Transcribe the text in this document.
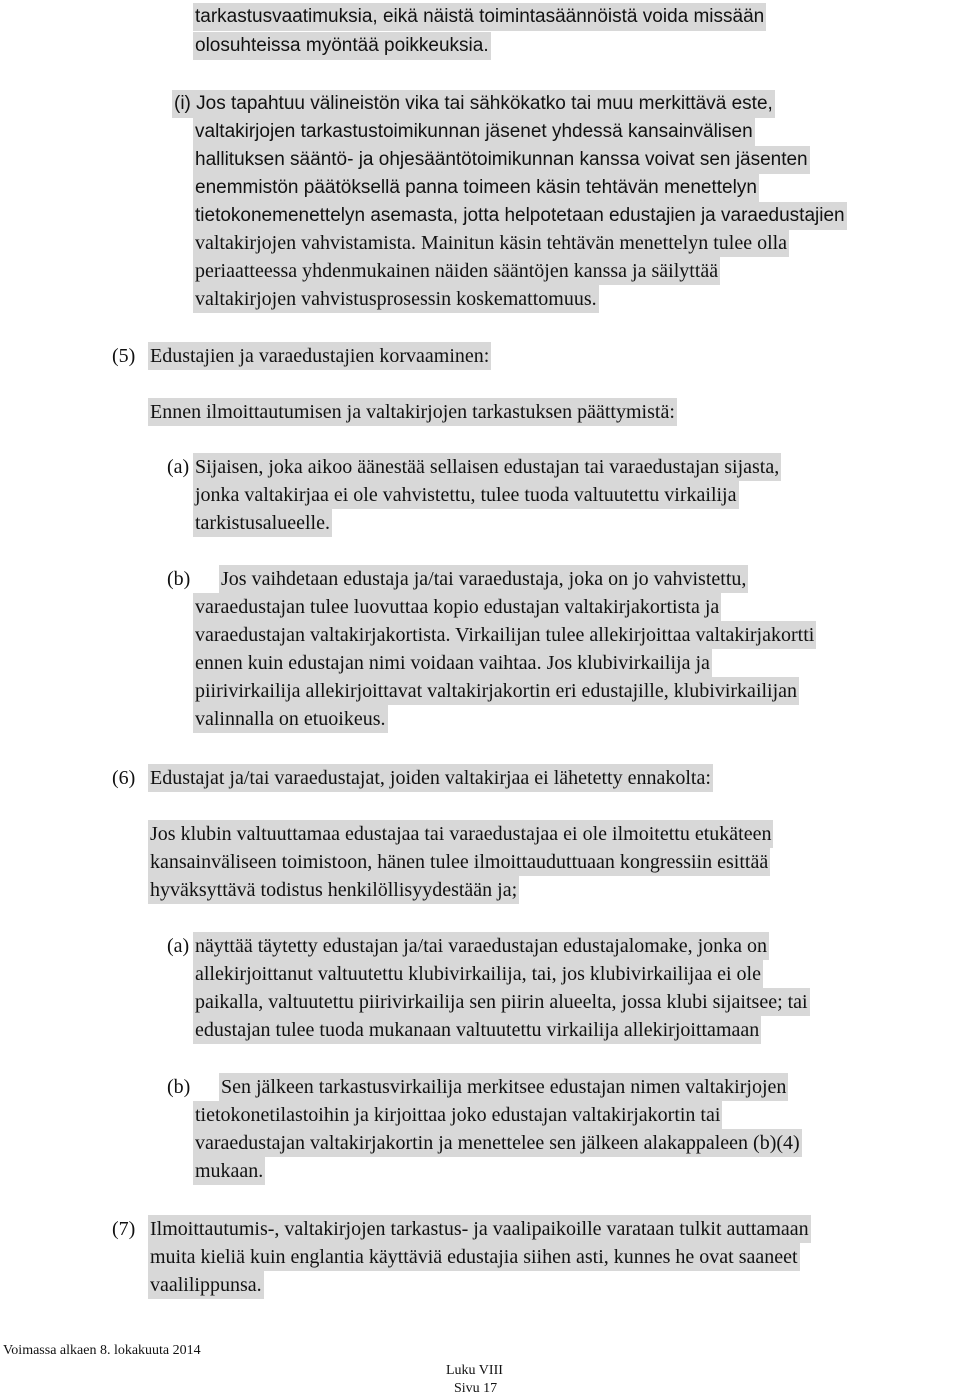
tarkastusvaatimuksia, eikä näistä toimintasäännöistä voida missään
olosuhteissa myöntää poikkeuksia.
(i) Jos tapahtuu välineistön vika tai sähkökatko tai muu merkittävä este,
valtakirjojen tarkastustoimikunnan jäsenet yhdessä kansainvälisen
hallituksen sääntö- ja ohjesääntötoimikunnan kanssa voivat sen jäsenten
enemmistön päätöksellä panna toimeen käsin tehtävän menettelyn
tietokonemenettelyn asemasta, jotta helpotetaan edustajien ja varaedustajien
valtakirjojen vahvistamista. Mainitun käsin tehtävän menettelyn tulee olla
periaatteessa yhdenmukainen näiden sääntöjen kanssa ja säilyttää
valtakirjojen vahvistusprosessin koskemattomuus.
(5) Edustajien ja varaedustajien korvaaminen:
Ennen ilmoittautumisen ja valtakirjojen tarkastuksen päättymistä:
(a) Sijaisen, joka aikoo äänestää sellaisen edustajan tai varaedustajan sijasta,
jonka valtakirjaa ei ole vahvistettu, tulee tuoda valtuutettu virkailija
tarkistusalueelle.
(b) Jos vaihdetaan edustaja ja/tai varaedustaja, joka on jo vahvistettu,
varaedustajan tulee luovuttaa kopio edustajan valtakirjakortista ja
varaedustajan valtakirjakortista. Virkailijan tulee allekirjoittaa valtakirjakortti
ennen kuin edustajan nimi voidaan vaihtaa. Jos klubivirkailija ja
piirivirkailija allekirjoittavat valtakirjakortin eri edustajille, klubivirkailijan
valinnalla on etuoikeus.
(6) Edustajat ja/tai varaedustajat, joiden valtakirjaa ei lähetetty ennakolta:
Jos klubin valtuuttamaa edustajaa tai varaedustajaa ei ole ilmoitettu etukäteen
kansainväliseen toimistoon, hänen tulee ilmoittauduttuaan kongressiin esittää
hyväksyttävä todistus henkilöllisyydestään ja;
(a) näyttää täytetty edustajan ja/tai varaedustajan edustajalomake, jonka on
allekirjoittanut valtuutettu klubivirkailija, tai, jos klubivirkailijaa ei ole
paikalla, valtuutettu piirivirkailija sen piirin alueelta, jossa klubi sijaitsee; tai
edustajan tulee tuoda mukanaan valtuutettu virkailija allekirjoittamaan
(b) Sen jälkeen tarkastusvirkailija merkitsee edustajan nimen valtakirjojen
tietokonetilastoihin ja kirjoittaa joko edustajan valtakirjakortin tai
varaedustajan valtakirjakortin ja menettelee sen jälkeen alakappaleen (b)(4)
mukaan.
(7) Ilmoittautumis-, valtakirjojen tarkastus- ja vaalipaikoille varataan tulkit auttamaan
muita kieliä kuin englantia käyttäviä edustajia siihen asti, kunnes he ovat saaneet
vaalilippunsa.
Voimassa alkaen 8. lokakuuta 2014
Luku VIII
Sivu 17
